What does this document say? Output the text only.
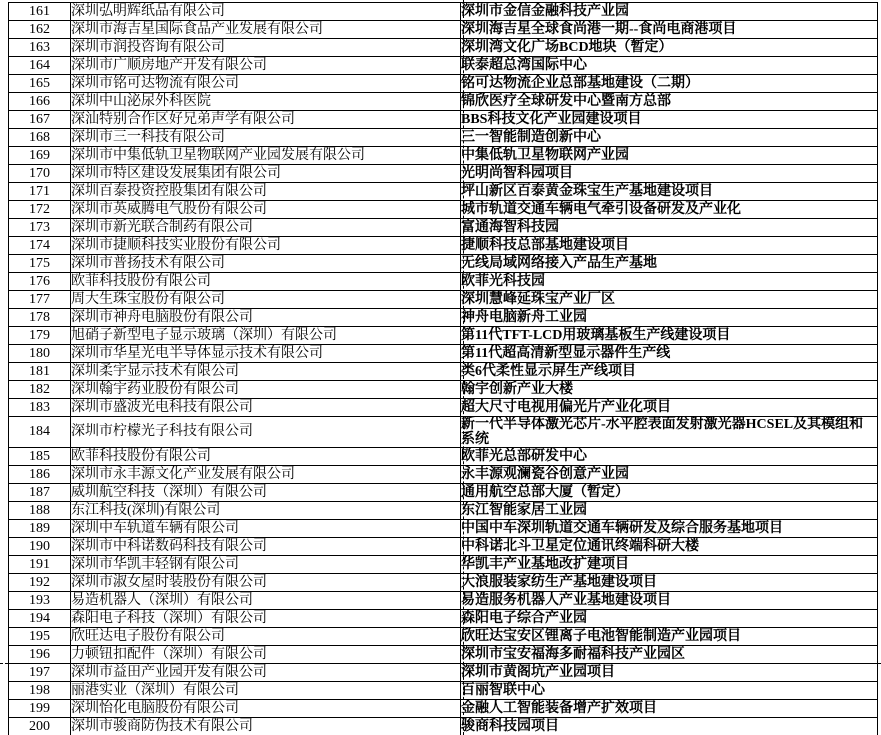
161	深圳弘明辉纸品有限公司	深圳市金信金融科技产业园
162	深圳市海吉星国际食品产业发展有限公司	深圳海吉星全球食尚港一期--食尚电商港项目
163	深圳市润投咨询有限公司	深圳湾文化广场BCD地块（暂定）
164	深圳市广顺房地产开发有限公司	联泰超总湾国际中心
165	深圳市铭可达物流有限公司	铭可达物流企业总部基地建设（二期）
166	深圳中山泌尿外科医院	锦欣医疗全球研发中心暨南方总部
167	深汕特别合作区好兄弟声学有限公司	BBS科技文化产业园建设项目
168	深圳市三一科技有限公司	三一智能制造创新中心
169	深圳市中集低轨卫星物联网产业园发展有限公司	中集低轨卫星物联网产业园
170	深圳市特区建设发展集团有限公司	光明尚智科园项目
171	深圳百泰投资控股集团有限公司	坪山新区百泰黄金珠宝生产基地建设项目
172	深圳市英威腾电气股份有限公司	城市轨道交通车辆电气牵引设备研发及产业化
173	深圳市新光联合制药有限公司	富通海智科技园
174	深圳市捷顺科技实业股份有限公司	捷顺科技总部基地建设项目
175	深圳市普扬技术有限公司	无线局域网络接入产品生产基地
176	欧菲科技股份有限公司	欧菲光科技园
177	周大生珠宝股份有限公司	深圳慧峰延珠宝产业厂区
178	深圳市神舟电脑股份有限公司	神舟电脑新舟工业园
179	旭硝子新型电子显示玻璃（深圳）有限公司	第11代TFT-LCD用玻璃基板生产线建设项目
180	深圳市华星光电半导体显示技术有限公司	第11代超高清新型显示器件生产线
181	深圳柔宇显示技术有限公司	类6代柔性显示屏生产线项目
182	深圳翰宇药业股份有限公司	翰宇创新产业大楼
183	深圳市盛波光电科技有限公司	超大尺寸电视用偏光片产业化项目
184	深圳市柠檬光子科技有限公司	新一代半导体激光芯片-水平腔表面发射激光器HCSEL及其模组和系统
185	欧菲科技股份有限公司	欧菲光总部研发中心
186	深圳市永丰源文化产业发展有限公司	永丰源观澜瓷谷创意产业园
187	威圳航空科技（深圳）有限公司	通用航空总部大厦（暂定）
188	东江科技(深圳)有限公司	东江智能家居工业园
189	深圳中车轨道车辆有限公司	中国中车深圳轨道交通车辆研发及综合服务基地项目
190	深圳市中科诺数码科技有限公司	中科诺北斗卫星定位通讯终端科研大楼
191	深圳市华凯丰轻钢有限公司	华凯丰产业基地改扩建项目
192	深圳市淑女屋时装股份有限公司	大浪服装家纺生产基地建设项目
193	易造机器人（深圳）有限公司	易造服务机器人产业基地建设项目
194	森阳电子科技（深圳）有限公司	森阳电子综合产业园
195	欣旺达电子股份有限公司	欣旺达宝安区锂离子电池智能制造产业园项目
196	力顿钮扣配件（深圳）有限公司	深圳市宝安福海多耐福科技产业园区
197	深圳市益田产业园开发有限公司	深圳市黄阁坑产业园项目
198	丽港实业（深圳）有限公司	百丽智联中心
199	深圳怡化电脑股份有限公司	金融人工智能装备增产扩效项目
200	深圳市骏商防伪技术有限公司	骏商科技园项目
